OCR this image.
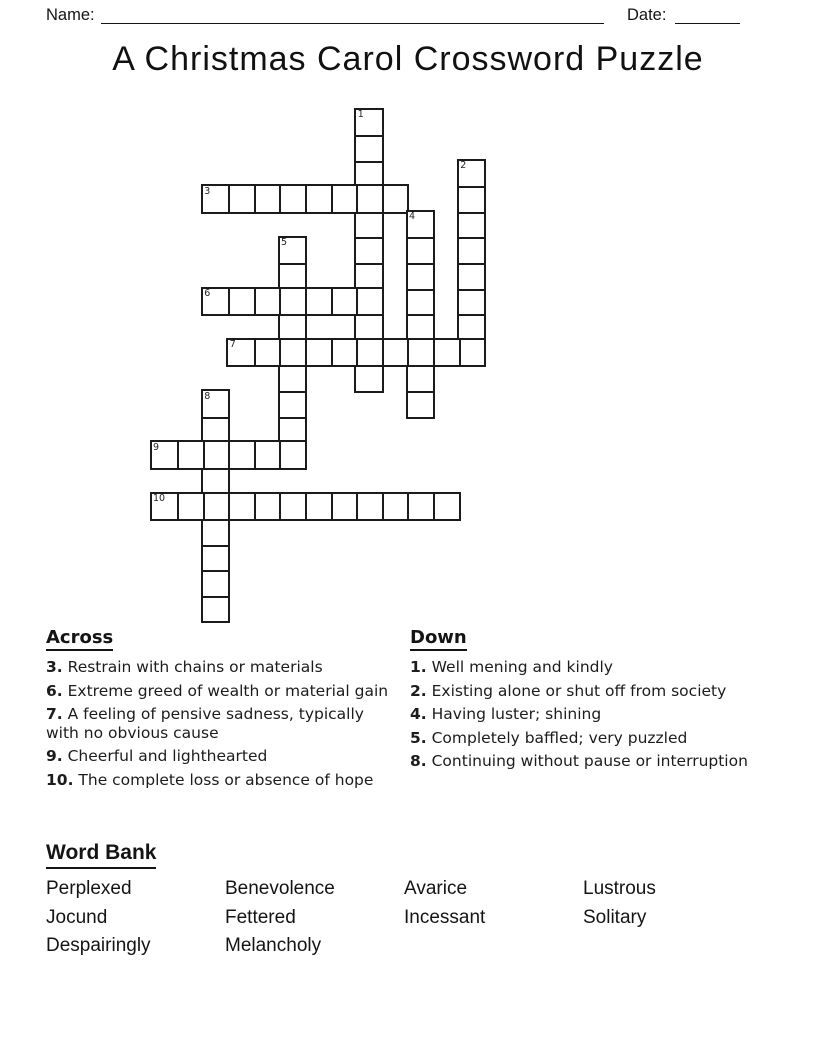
Name:	Date:
A Christmas Carol Crossword Puzzle
1
2
3
4
5
6
7
8
9
10
Across

3. Restrain with chains or materials

6. Extreme greed of wealth or material gain

7. A feeling of pensive sadness, typically with no obvious cause

9. Cheerful and lighthearted

10. The complete loss or absence of hope

Down

1. Well mening and kindly

2. Existing alone or shut off from society

4. Having luster; shining

5. Completely baffled; very puzzled

8. Continuing without pause or interruption

Word Bank
Perplexed	Benevolence	Avarice	Lustrous
Jocund	Fettered	Incessant	Solitary
Despairingly	Melancholy
